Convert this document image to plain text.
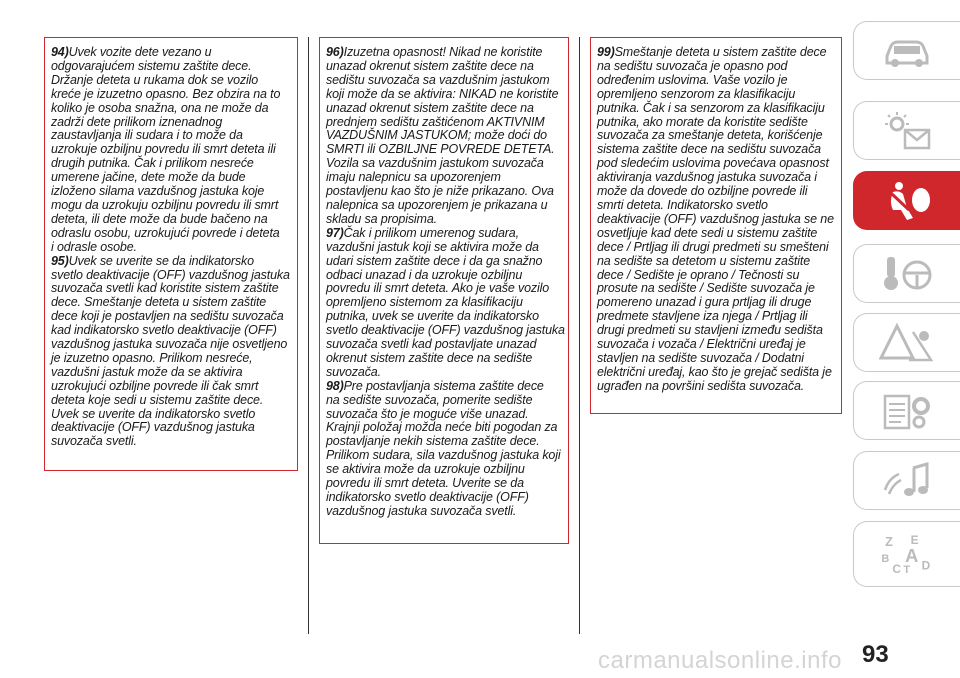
94)Uvek vozite dete vezano u
odgovarajućem sistemu zaštite dece.
Držanje deteta u rukama dok se vozilo
kreće je izuzetno opasno. Bez obzira na to
koliko je osoba snažna, ona ne može da
zadrži dete prilikom iznenadnog
zaustavljanja ili sudara i to može da
uzrokuje ozbiljnu povredu ili smrt deteta ili
drugih putnika. Čak i prilikom nesreće
umerene jačine, dete može da bude
izloženo silama vazdušnog jastuka koje
mogu da uzrokuju ozbiljnu povredu ili smrt
deteta, ili dete može da bude bačeno na
odraslu osobu, uzrokujući povrede i deteta
i odrasle osobe.

95)Uvek se uverite se da indikatorsko
svetlo deaktivacije (OFF) vazdušnog jastuka
suvozača svetli kad koristite sistem zaštite
dece. Smeštanje deteta u sistem zaštite
dece koji je postavljen na sedištu suvozača
kad indikatorsko svetlo deaktivacije (OFF)
vazdušnog jastuka suvozača nije osvetljeno
je izuzetno opasno. Prilikom nesreće,
vazdušni jastuk može da se aktivira
uzrokujući ozbiljne povrede ili čak smrt
deteta koje sedi u sistemu zaštite dece.
Uvek se uverite da indikatorsko svetlo
deaktivacije (OFF) vazdušnog jastuka
suvozača svetli.

96)Izuzetna opasnost! Nikad ne koristite
unazad okrenut sistem zaštite dece na
sedištu suvozača sa vazdušnim jastukom
koji može da se aktivira: NIKAD ne koristite
unazad okrenut sistem zaštite dece na
prednjem sedištu zaštićenom AKTIVNIM
VAZDUŠNIM JASTUKOM; može doći do
SMRTI ili OZBILJNE POVREDE DETETA.
Vozila sa vazdušnim jastukom suvozača
imaju nalepnicu sa upozorenjem
postavljenu kao što je niže prikazano. Ova
nalepnica sa upozorenjem je prikazana u
skladu sa propisima.

97)Čak i prilikom umerenog sudara,
vazdušni jastuk koji se aktivira može da
udari sistem zaštite dece i da ga snažno
odbaci unazad i da uzrokuje ozbiljnu
povredu ili smrt deteta. Ako je vaše vozilo
opremljeno sistemom za klasifikaciju
putnika, uvek se uverite da indikatorsko
svetlo deaktivacije (OFF) vazdušnog jastuka
suvozača svetli kad postavljate unazad
okrenut sistem zaštite dece na sedište
suvozača.

98)Pre postavljanja sistema zaštite dece
na sedište suvozača, pomerite sedište
suvozača što je moguće više unazad.
Krajnji položaj možda neće biti pogodan za
postavljanje nekih sistema zaštite dece.
Prilikom sudara, sila vazdušnog jastuka koji
se aktivira može da uzrokuje ozbiljnu
povredu ili smrt deteta. Uverite se da
indikatorsko svetlo deaktivacije (OFF)
vazdušnog jastuka suvozača svetli.

99)Smeštanje deteta u sistem zaštite dece
na sedištu suvozača je opasno pod
određenim uslovima. Vaše vozilo je
opremljeno senzorom za klasifikaciju
putnika. Čak i sa senzorom za klasifikaciju
putnika, ako morate da koristite sedište
suvozača za smeštanje deteta, korišćenje
sistema zaštite dece na sedištu suvozača
pod sledećim uslovima povećava opasnost
aktiviranja vazdušnog jastuka suvozača i
može da dovede do ozbiljne povrede ili
smrti deteta. Indikatorsko svetlo
deaktivacije (OFF) vazdušnog jastuka se ne
osvetljuje kad dete sedi u sistemu zaštite
dece / Prtljag ili drugi predmeti su smešteni
na sedište sa detetom u sistemu zaštite
dece / Sedište je oprano / Tečnosti su
prosute na sedište / Sedište suvozača je
pomereno unazad i gura prtljag ili druge
predmete stavljene iza njega / Prtljag ili
drugi predmeti su stavljeni između sedišta
suvozača i vozača / Električni uređaj je
stavljen na sedište suvozača / Dodatni
električni uređaj, kao što je grejač sedišta je
ugrađen na površini sedišta suvozača.

Z E
B A
C T D
carmanualsonline.info 93
